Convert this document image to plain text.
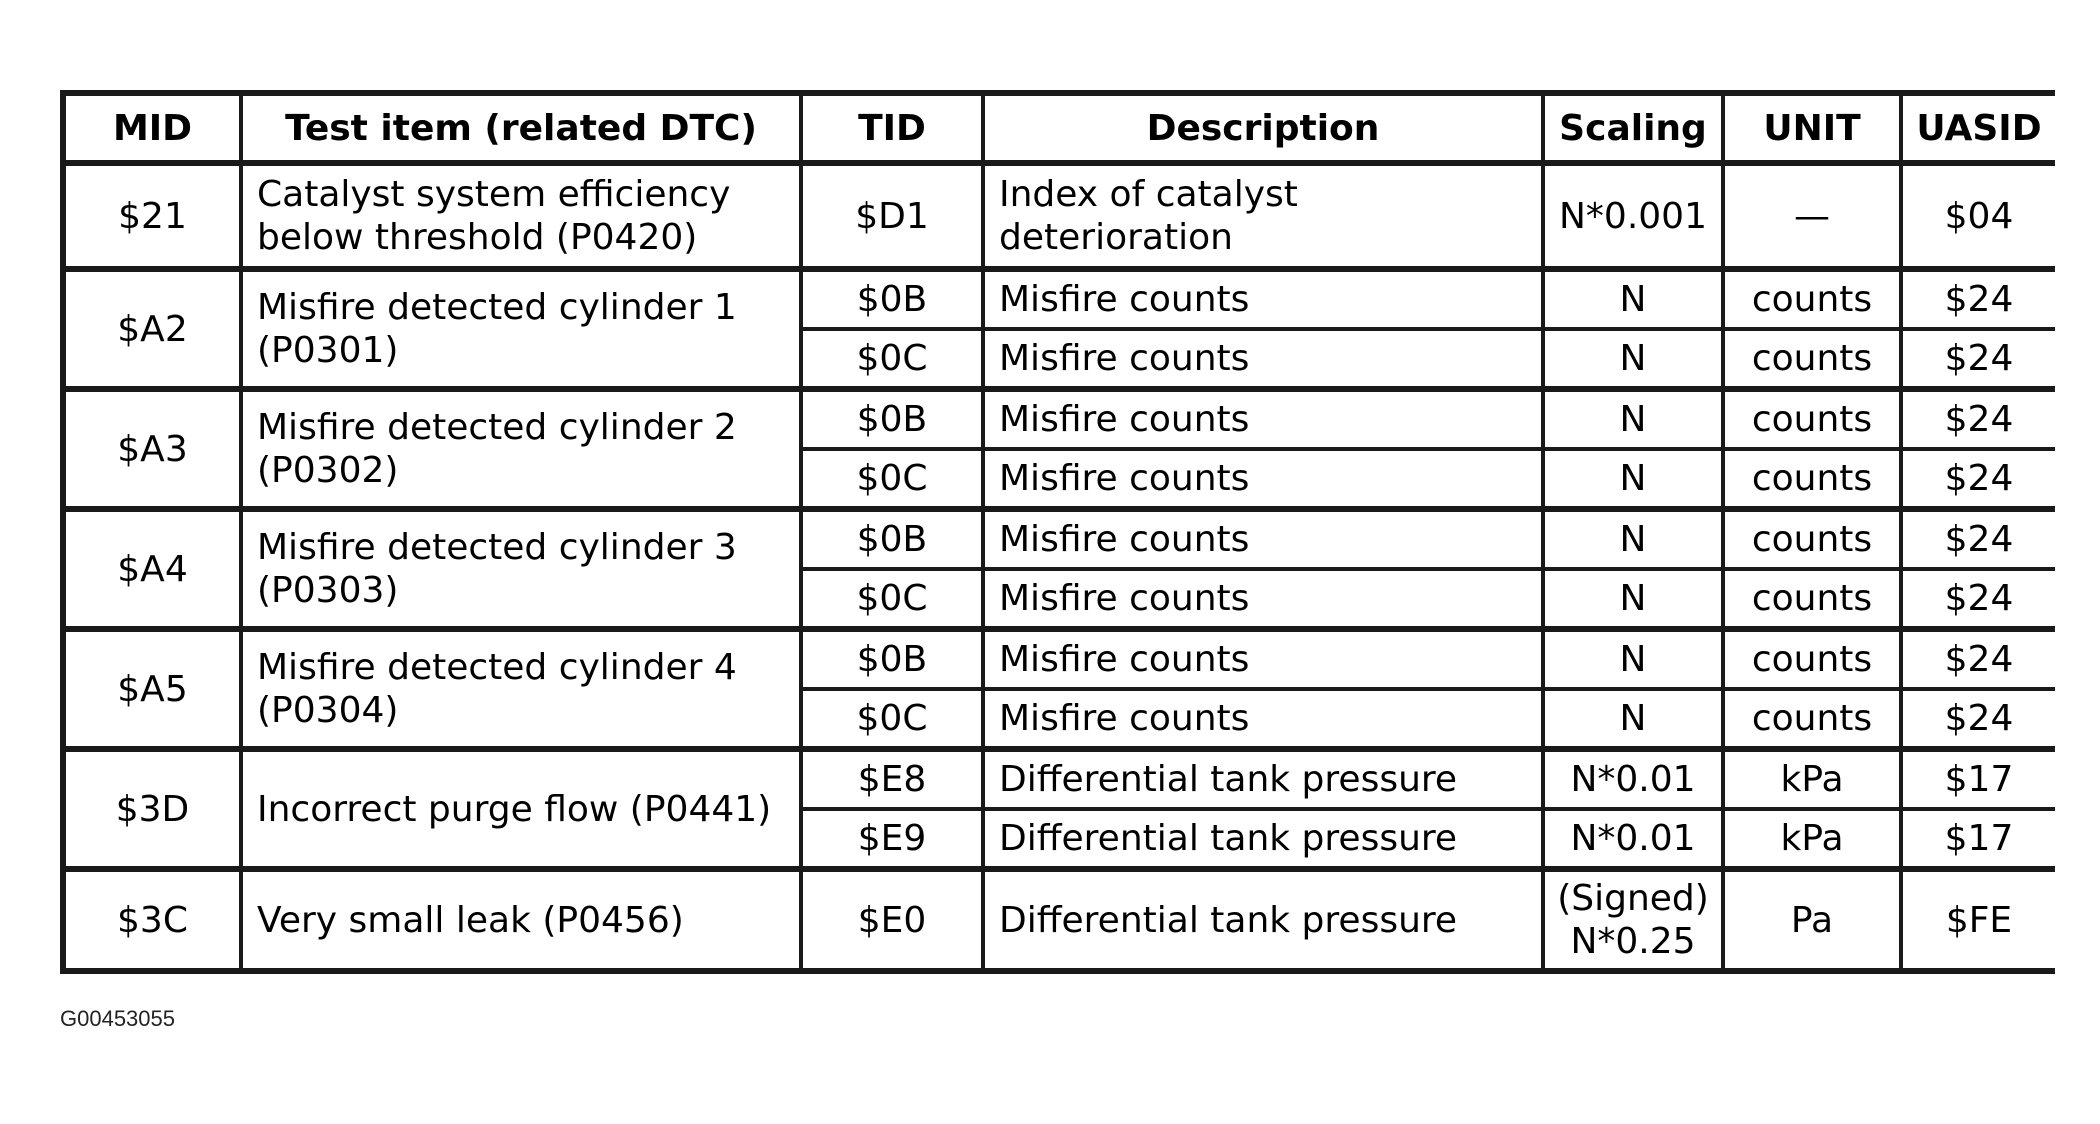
MID	Test item (related DTC)	TID	Description	Scaling	UNIT	UASID
$21	Catalyst system efficiency below threshold (P0420)	$D1	Index of catalyst deterioration	N*0.001	—	$04
$A2	Misfire detected cylinder 1 (P0301)	$0B	Misfire counts	N	counts	$24
		$0C	Misfire counts	N	counts	$24
$A3	Misfire detected cylinder 2 (P0302)	$0B	Misfire counts	N	counts	$24
		$0C	Misfire counts	N	counts	$24
$A4	Misfire detected cylinder 3 (P0303)	$0B	Misfire counts	N	counts	$24
		$0C	Misfire counts	N	counts	$24
$A5	Misfire detected cylinder 4 (P0304)	$0B	Misfire counts	N	counts	$24
		$0C	Misfire counts	N	counts	$24
$3D	Incorrect purge flow (P0441)	$E8	Differential tank pressure	N*0.01	kPa	$17
		$E9	Differential tank pressure	N*0.01	kPa	$17
$3C	Very small leak (P0456)	$E0	Differential tank pressure	(Signed) N*0.25	Pa	$FE
G00453055
